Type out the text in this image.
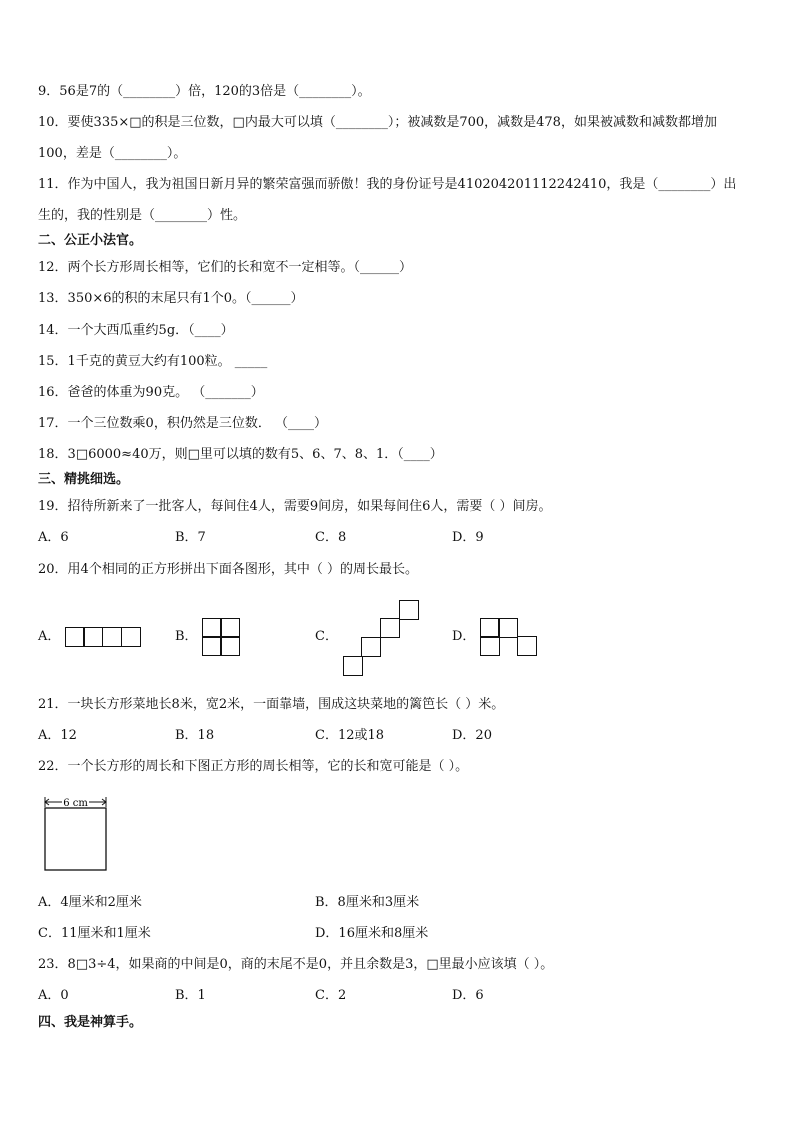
9．56是7的（________）倍，120的3倍是（________）。
10．要使335×□的积是三位数，□内最大可以填（________）；被减数是700，减数是478，如果被减数和减数都增加
100，差是（________）。
11．作为中国人，我为祖国日新月异的繁荣富强而骄傲！我的身份证号是410204201112242410，我是（________）出
生的，我的性别是（________）性。
二、公正小法官。
12．两个长方形周长相等，它们的长和宽不一定相等。（______）
13．350×6的积的末尾只有1个0。（______）
14．一个大西瓜重约5g．（____）
15．1千克的黄豆大约有100粒。 _____
16．爸爸的体重为90克。 （_______）
17．一个三位数乘0，积仍然是三位数． （____）
18．3□6000≈40万，则□里可以填的数有5、6、7、8、1．（____）
三、精挑细选。
19．招待所新来了一批客人，每间住4人，需要9间房，如果每间住6人，需要（ ）间房。
A．6	B．7	C．8	D．9
20．用4个相同的正方形拼出下面各图形，其中（ ）的周长最长。
A．	B．	C．	D．
21．一块长方形菜地长8米，宽2米，一面靠墙，围成这块菜地的篱笆长（ ）米。
A．12	B．18	C．12或18	D．20
22．一个长方形的周长和下图正方形的周长相等，它的长和宽可能是（ ）。
6 cm
A．4厘米和2厘米	B．8厘米和3厘米
C．11厘米和1厘米	D．16厘米和8厘米
23．8□3÷4，如果商的中间是0，商的末尾不是0，并且余数是3，□里最小应该填（ ）。
A．0	B．1	C．2	D．6
四、我是神算手。
